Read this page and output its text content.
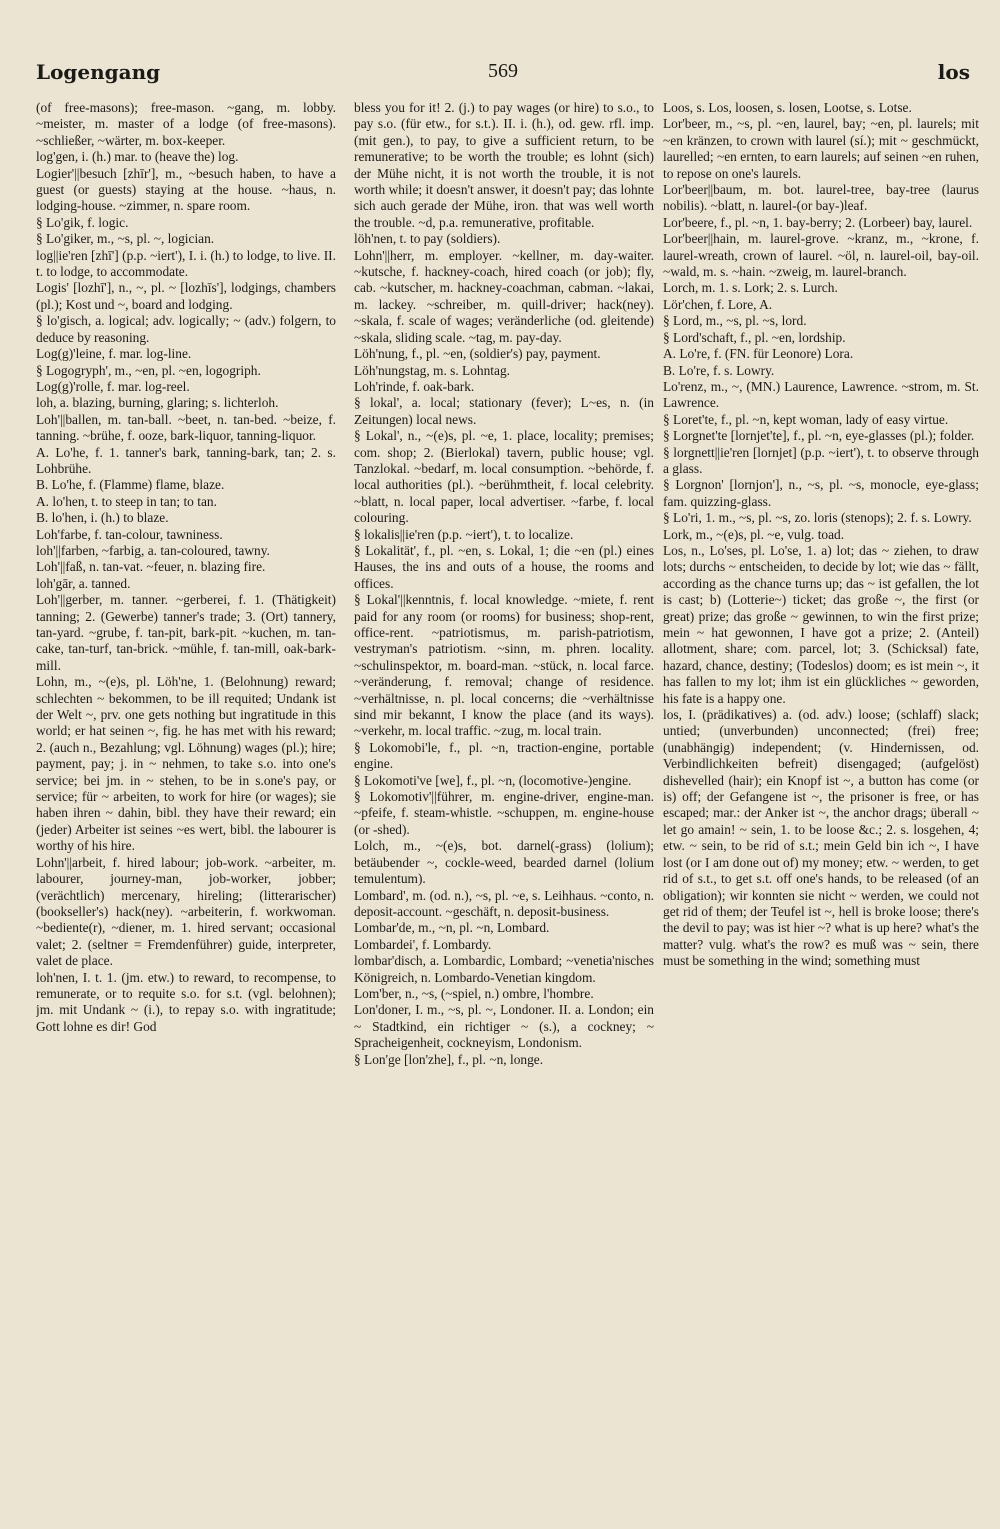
Logengang	569	los

(of free-masons); free-mason. ~gang, m. lobby. ~meister, m. master of a lodge (of free-masons). ~schließer, ~wärter, m. box-keeper.

log'gen, i. (h.) mar. to (heave the) log.

Logier'||besuch [zhīr'], m., ~besuch haben, to have a guest (or guests) staying at the house. ~haus, n. lodging-house. ~zimmer, n. spare room.

§ Lo'gik, f. logic.

§ Lo'giker, m., ~s, pl. ~, logician.

log||ie'ren [zhī'] (p.p. ~iert'), I. i. (h.) to lodge, to live. II. t. to lodge, to accommodate.

Logis' [lozhī'], n., ~, pl. ~ [lozhīs'], lodgings, chambers (pl.); Kost und ~, board and lodging.

§ lo'gisch, a. logical; adv. logically; ~ (adv.) folgern, to deduce by reasoning.

Log(g)'leine, f. mar. log-line.

§ Logogryph', m., ~en, pl. ~en, logogriph.

Log(g)'rolle, f. mar. log-reel.

loh, a. blazing, burning, glaring; s. lichterloh.

Loh'||ballen, m. tan-ball. ~beet, n. tan-bed. ~beize, f. tanning. ~brühe, f. ooze, bark-liquor, tanning-liquor.

A. Lo'he, f. 1. tanner's bark, tanning-bark, tan; 2. s. Lohbrühe.

B. Lo'he, f. (Flamme) flame, blaze.

A. lo'hen, t. to steep in tan; to tan.

B. lo'hen, i. (h.) to blaze.

Loh'farbe, f. tan-colour, tawniness.

loh'||farben, ~farbig, a. tan-coloured, tawny.

Loh'||faß, n. tan-vat. ~feuer, n. blazing fire.

loh'gār, a. tanned.

Loh'||gerber, m. tanner. ~gerberei, f. 1. (Thätigkeit) tanning; 2. (Gewerbe) tanner's trade; 3. (Ort) tannery, tan-yard. ~grube, f. tan-pit, bark-pit. ~kuchen, m. tan-cake, tan-turf, tan-brick. ~mühle, f. tan-mill, oak-bark-mill.

Lohn, m., ~(e)s, pl. Löh'ne, 1. (Belohnung) reward; schlechten ~ bekommen, to be ill requited; Undank ist der Welt ~, prv. one gets nothing but ingratitude in this world; er hat seinen ~, fig. he has met with his reward; 2. (auch n., Bezahlung; vgl. Löhnung) wages (pl.); hire; payment, pay; j. in ~ nehmen, to take s.o. into one's service; bei jm. in ~ stehen, to be in s.one's pay, or service; für ~ arbeiten, to work for hire (or wages); sie haben ihren ~ dahin, bibl. they have their reward; ein (jeder) Arbeiter ist seines ~es wert, bibl. the labourer is worthy of his hire.

Lohn'||arbeit, f. hired labour; job-work. ~arbeiter, m. labourer, journey-man, job-worker, jobber; (verächtlich) mercenary, hireling; (litterarischer) (bookseller's) hack(ney). ~arbeiterin, f. workwoman. ~bediente(r), ~diener, m. 1. hired servant; occasional valet; 2. (seltner = Fremdenführer) guide, interpreter, valet de place.

loh'nen, I. t. 1. (jm. etw.) to reward, to recompense, to remunerate, or to requite s.o. for s.t. (vgl. belohnen); jm. mit Undank ~ (i.), to repay s.o. with ingratitude; Gott lohne es dir! God

bless you for it! 2. (j.) to pay wages (or hire) to s.o., to pay s.o. (für etw., for s.t.). II. i. (h.), od. gew. rfl. imp. (mit gen.), to pay, to give a sufficient return, to be remunerative; to be worth the trouble; es lohnt (sich) der Mühe nicht, it is not worth the trouble, it is not worth while; it doesn't answer, it doesn't pay; das lohnte sich auch gerade der Mühe, iron. that was well worth the trouble. ~d, p.a. remunerative, profitable.

löh'nen, t. to pay (soldiers).

Lohn'||herr, m. employer. ~kellner, m. day-waiter. ~kutsche, f. hackney-coach, hired coach (or job); fly, cab. ~kutscher, m. hackney-coachman, cabman. ~lakai, m. lackey. ~schreiber, m. quill-driver; hack(ney). ~skala, f. scale of wages; veränderliche (od. gleitende) ~skala, sliding scale. ~tag, m. pay-day.

Löh'nung, f., pl. ~en, (soldier's) pay, payment.

Löh'nungstag, m. s. Lohntag.

Loh'rinde, f. oak-bark.

§ lokal', a. local; stationary (fever); L~es, n. (in Zeitungen) local news.

§ Lokal', n., ~(e)s, pl. ~e, 1. place, locality; premises; com. shop; 2. (Bierlokal) tavern, public house; vgl. Tanzlokal. ~bedarf, m. local consumption. ~behörde, f. local authorities (pl.). ~berühmtheit, f. local celebrity. ~blatt, n. local paper, local advertiser. ~farbe, f. local colouring.

§ lokalis||ie'ren (p.p. ~iert'), t. to localize.

§ Lokalität', f., pl. ~en, s. Lokal, 1; die ~en (pl.) eines Hauses, the ins and outs of a house, the rooms and offices.

§ Lokal'||kenntnis, f. local knowledge. ~miete, f. rent paid for any room (or rooms) for business; shop-rent, office-rent. ~patriotismus, m. parish-patriotism, vestryman's patriotism. ~sinn, m. phren. locality. ~schulinspektor, m. board-man. ~stück, n. local farce. ~veränderung, f. removal; change of residence. ~verhältnisse, n. pl. local concerns; die ~verhältnisse sind mir bekannt, I know the place (and its ways). ~verkehr, m. local traffic. ~zug, m. local train.

§ Lokomobi'le, f., pl. ~n, traction-engine, portable engine.

§ Lokomoti've [we], f., pl. ~n, (locomotive-)engine.

§ Lokomotiv'||führer, m. engine-driver, engine-man. ~pfeife, f. steam-whistle. ~schuppen, m. engine-house (or -shed).

Lolch, m., ~(e)s, bot. darnel(-grass) (lolium); betäubender ~, cockle-weed, bearded darnel (lolium temulentum).

Lombard', m. (od. n.), ~s, pl. ~e, s. Leihhaus. ~conto, n. deposit-account. ~geschäft, n. deposit-business.

Lombar'de, m., ~n, pl. ~n, Lombard.

Lombardei', f. Lombardy.

lombar'disch, a. Lombardic, Lombard; ~venetia'nisches Königreich, n. Lombardo-Venetian kingdom.

Lom'ber, n., ~s, (~spiel, n.) ombre, l'hombre.

Lon'doner, I. m., ~s, pl. ~, Londoner. II. a. London; ein ~ Stadtkind, ein richtiger ~ (s.), a cockney; ~ Spracheigenheit, cockneyism, Londonism.

§ Lon'ge [lon'zhe], f., pl. ~n, longe.

Loos, s. Los, loosen, s. losen, Lootse, s. Lotse.

Lor'beer, m., ~s, pl. ~en, laurel, bay; ~en, pl. laurels; mit ~en kränzen, to crown with laurel (sí.); mit ~ geschmückt, laurelled; ~en ernten, to earn laurels; auf seinen ~en ruhen, to repose on one's laurels.

Lor'beer||baum, m. bot. laurel-tree, bay-tree (laurus nobilis). ~blatt, n. laurel-(or bay-)leaf.

Lor'beere, f., pl. ~n, 1. bay-berry; 2. (Lorbeer) bay, laurel.

Lor'beer||hain, m. laurel-grove. ~kranz, m., ~krone, f. laurel-wreath, crown of laurel. ~öl, n. laurel-oil, bay-oil. ~wald, m. s. ~hain. ~zweig, m. laurel-branch.

Lorch, m. 1. s. Lork; 2. s. Lurch.

Lör'chen, f. Lore, A.

§ Lord, m., ~s, pl. ~s, lord.

§ Lord'schaft, f., pl. ~en, lordship.

A. Lo're, f. (FN. für Leonore) Lora.

B. Lo're, f. s. Lowry.

Lo'renz, m., ~, (MN.) Laurence, Lawrence. ~strom, m. St. Lawrence.

§ Loret'te, f., pl. ~n, kept woman, lady of easy virtue.

§ Lorgnet'te [lornjet'te], f., pl. ~n, eye-glasses (pl.); folder.

§ lorgnett||ie'ren [lornjet] (p.p. ~iert'), t. to observe through a glass.

§ Lorgnon' [lornjon'], n., ~s, pl. ~s, monocle, eye-glass; fam. quizzing-glass.

§ Lo'ri, 1. m., ~s, pl. ~s, zo. loris (stenops); 2. f. s. Lowry.

Lork, m., ~(e)s, pl. ~e, vulg. toad.

Los, n., Lo'ses, pl. Lo'se, 1. a) lot; das ~ ziehen, to draw lots; durchs ~ entscheiden, to decide by lot; wie das ~ fällt, according as the chance turns up; das ~ ist gefallen, the lot is cast; b) (Lotterie~) ticket; das große ~, the first (or great) prize; das große ~ gewinnen, to win the first prize; mein ~ hat gewonnen, I have got a prize; 2. (Anteil) allotment, share; com. parcel, lot; 3. (Schicksal) fate, hazard, chance, destiny; (Todeslos) doom; es ist mein ~, it has fallen to my lot; ihm ist ein glückliches ~ geworden, his fate is a happy one.

los, I. (prädikatives) a. (od. adv.) loose; (schlaff) slack; untied; (unverbunden) unconnected; (frei) free; (unabhängig) independent; (v. Hindernissen, od. Verbindlichkeiten befreit) disengaged; (aufgelöst) dishevelled (hair); ein Knopf ist ~, a button has come (or is) off; der Gefangene ist ~, the prisoner is free, or has escaped; mar.: der Anker ist ~, the anchor drags; überall ~ let go amain! ~ sein, 1. to be loose &c.; 2. s. losgehen, 4; etw. ~ sein, to be rid of s.t.; mein Geld bin ich ~, I have lost (or I am done out of) my money; etw. ~ werden, to get rid of s.t., to get s.t. off one's hands, to be released (of an obligation); wir konnten sie nicht ~ werden, we could not get rid of them; der Teufel ist ~, hell is broke loose; there's the devil to pay; was ist hier ~? what is up here? what's the matter? vulg. what's the row? es muß was ~ sein, there must be something in the wind; something must
